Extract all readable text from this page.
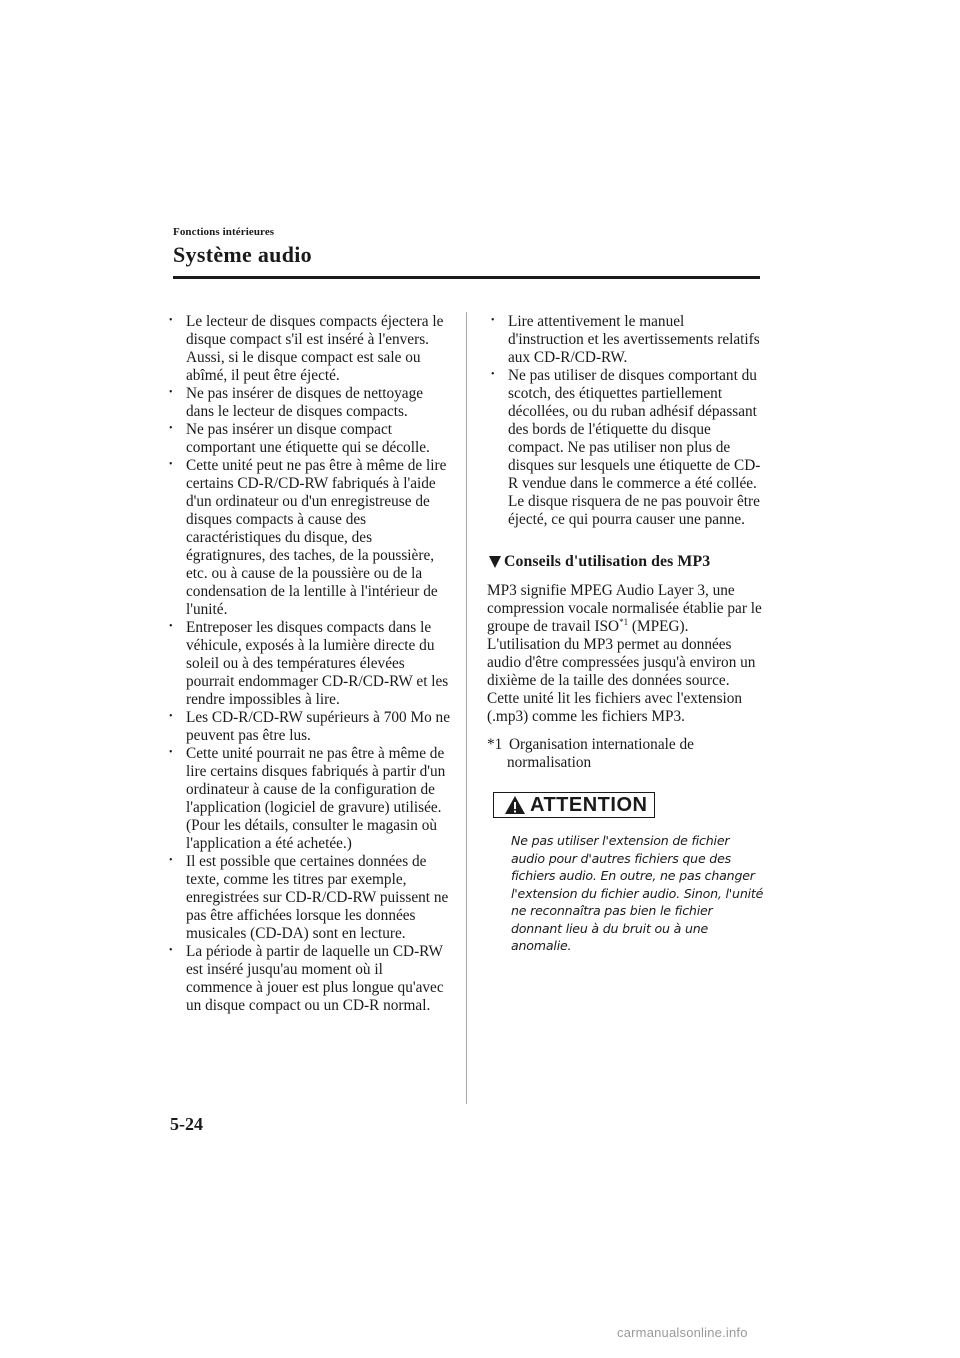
Fonctions intérieures
Système audio
• Le lecteur de disques compacts éjectera le disque compact s'il est inséré à l'envers. Aussi, si le disque compact est sale ou abîmé, il peut être éjecté.
• Ne pas insérer de disques de nettoyage dans le lecteur de disques compacts.
• Ne pas insérer un disque compact comportant une étiquette qui se décolle.
• Cette unité peut ne pas être à même de lire certains CD-R/CD-RW fabriqués à l'aide d'un ordinateur ou d'un enregistreuse de disques compacts à cause des caractéristiques du disque, des égratignures, des taches, de la poussière, etc. ou à cause de la poussière ou de la condensation de la lentille à l'intérieur de l'unité.
• Entreposer les disques compacts dans le véhicule, exposés à la lumière directe du soleil ou à des températures élevées pourrait endommager CD-R/CD-RW et les rendre impossibles à lire.
• Les CD-R/CD-RW supérieurs à 700 Mo ne peuvent pas être lus.
• Cette unité pourrait ne pas être à même de lire certains disques fabriqués à partir d'un ordinateur à cause de la configuration de l'application (logiciel de gravure) utilisée. (Pour les détails, consulter le magasin où l'application a été achetée.)
• Il est possible que certaines données de texte, comme les titres par exemple, enregistrées sur CD-R/CD-RW puissent ne pas être affichées lorsque les données musicales (CD-DA) sont en lecture.
• La période à partir de laquelle un CD-RW est inséré jusqu'au moment où il commence à jouer est plus longue qu'avec un disque compact ou un CD-R normal.
• Lire attentivement le manuel d'instruction et les avertissements relatifs aux CD-R/CD-RW.
• Ne pas utiliser de disques comportant du scotch, des étiquettes partiellement décollées, ou du ruban adhésif dépassant des bords de l'étiquette du disque compact. Ne pas utiliser non plus de disques sur lesquels une étiquette de CD-R vendue dans le commerce a été collée. Le disque risquera de ne pas pouvoir être éjecté, ce qui pourra causer une panne.
Conseils d'utilisation des MP3

MP3 signifie MPEG Audio Layer 3, une compression vocale normalisée établie par le groupe de travail ISO$^{*1}$ (MPEG). L'utilisation du MP3 permet au données audio d'être compressées jusqu'à environ un dixième de la taille des données source. Cette unité lit les fichiers avec l'extension (.mp3) comme les fichiers MP3.

*1 Organisation internationale de normalisation

ATTENTION
Ne pas utiliser l'extension de fichier audio pour d'autres fichiers que des fichiers audio. En outre, ne pas changer l'extension du fichier audio. Sinon, l'unité ne reconnaîtra pas bien le fichier donnant lieu à du bruit ou à une anomalie.
5-24
carmanualsonline.info
